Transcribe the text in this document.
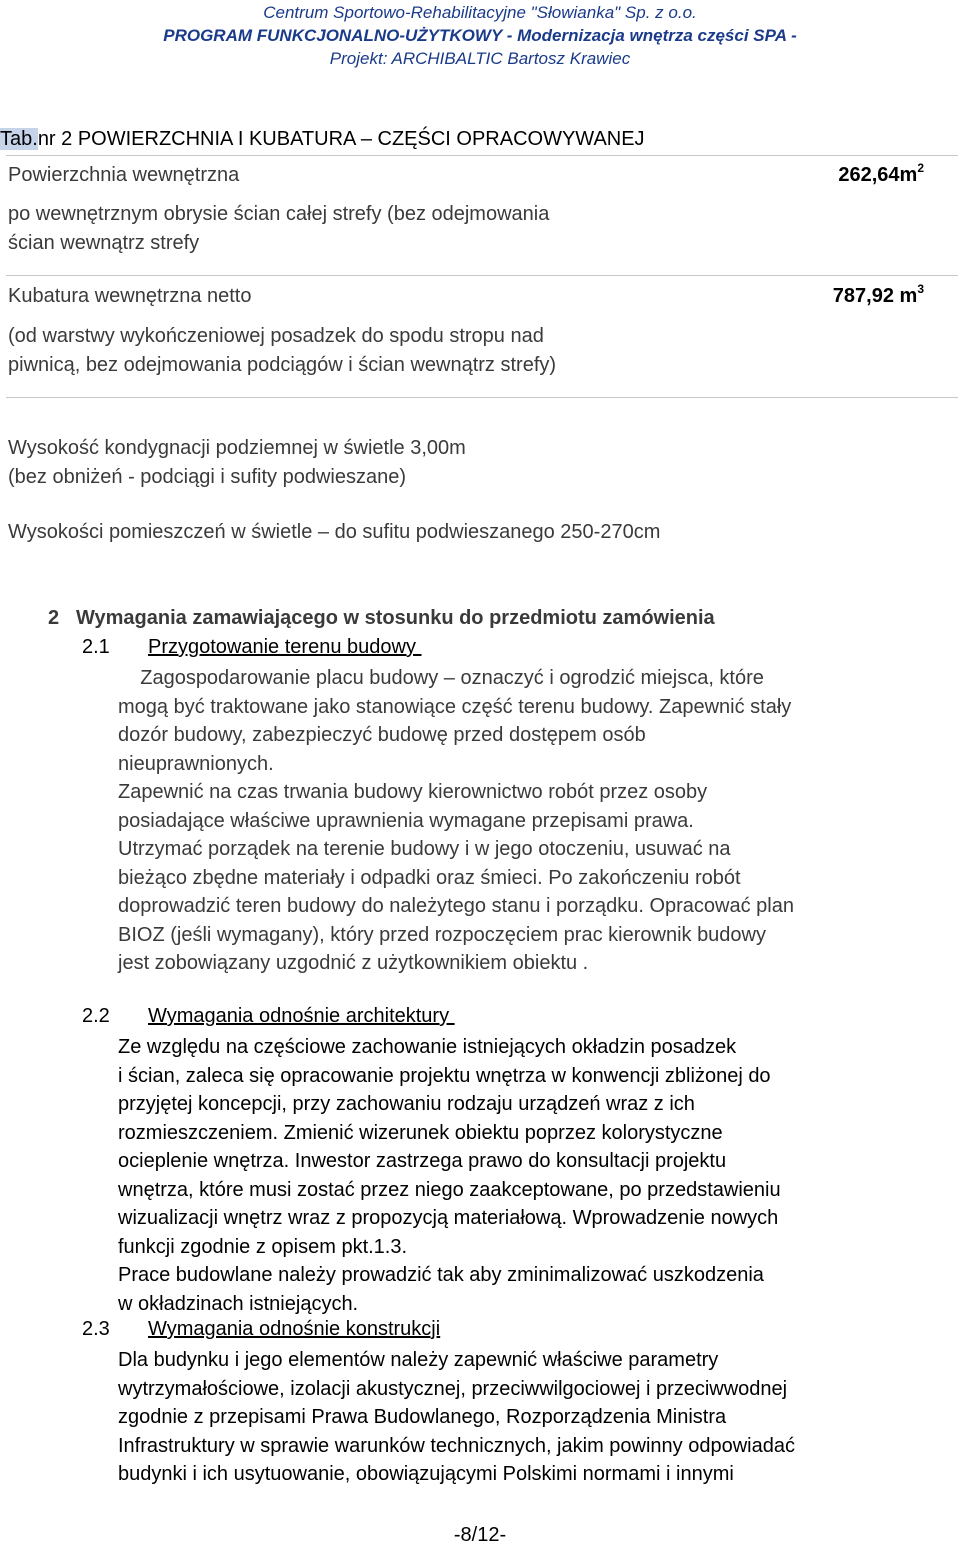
Centrum Sportowo-Rehabilitacyjne "Słowianka" Sp. z o.o.
PROGRAM FUNKCJONALNO-UŻYTKOWY - Modernizacja wnętrza części SPA -
Projekt: ARCHIBALTIC Bartosz Krawiec
Tab.nr 2 POWIERZCHNIA I KUBATURA – CZĘŚCI OPRACOWYWANEJ
Powierzchnia wewnętrzna	$262,64m^2$
po wewnętrznym obrysie ścian całej strefy (bez odejmowania
ścian wewnątrz strefy
Kubatura wewnętrzna netto	787,92 $m^3$
(od warstwy wykończeniowej posadzek do spodu stropu nad
piwnicą, bez odejmowania podciągów i ścian wewnątrz strefy)
Wysokość kondygnacji podziemnej w świetle 3,00m
(bez obniżeń - podciągi i sufity podwieszane)
Wysokości pomieszczeń w świetle – do sufitu podwieszanego 250-270cm
2 Wymagania zamawiającego w stosunku do przedmiotu zamówienia
2.1 Przygotowanie terenu budowy
Zagospodarowanie placu budowy – oznaczyć i ogrodzić miejsca, które
mogą być traktowane jako stanowiące część terenu budowy. Zapewnić stały
dozór budowy, zabezpieczyć budowę przed dostępem osób
nieuprawnionych.
Zapewnić na czas trwania budowy kierownictwo robót przez osoby
posiadające właściwe uprawnienia wymagane przepisami prawa.
Utrzymać porządek na terenie budowy i w jego otoczeniu, usuwać na
bieżąco zbędne materiały i odpadki oraz śmieci. Po zakończeniu robót
doprowadzić teren budowy do należytego stanu i porządku. Opracować plan
BIOZ (jeśli wymagany), który przed rozpoczęciem prac kierownik budowy
jest zobowiązany uzgodnić z użytkownikiem obiektu .
2.2 Wymagania odnośnie architektury
Ze względu na częściowe zachowanie istniejących okładzin posadzek
i ścian, zaleca się opracowanie projektu wnętrza w konwencji zbliżonej do
przyjętej koncepcji, przy zachowaniu rodzaju urządzeń wraz z ich
rozmieszczeniem. Zmienić wizerunek obiektu poprzez kolorystyczne
ocieplenie wnętrza. Inwestor zastrzega prawo do konsultacji projektu
wnętrza, które musi zostać przez niego zaakceptowane, po przedstawieniu
wizualizacji wnętrz wraz z propozycją materiałową. Wprowadzenie nowych
funkcji zgodnie z opisem pkt.1.3.
Prace budowlane należy prowadzić tak aby zminimalizować uszkodzenia
w okładzinach istniejących.
2.3 Wymagania odnośnie konstrukcji
Dla budynku i jego elementów należy zapewnić właściwe parametry
wytrzymałościowe, izolacji akustycznej, przeciwwilgociowej i przeciwwodnej
zgodnie z przepisami Prawa Budowlanego, Rozporządzenia Ministra
Infrastruktury w sprawie warunków technicznych, jakim powinny odpowiadać
budynki i ich usytuowanie, obowiązującymi Polskimi normami i innymi
-8/12-
